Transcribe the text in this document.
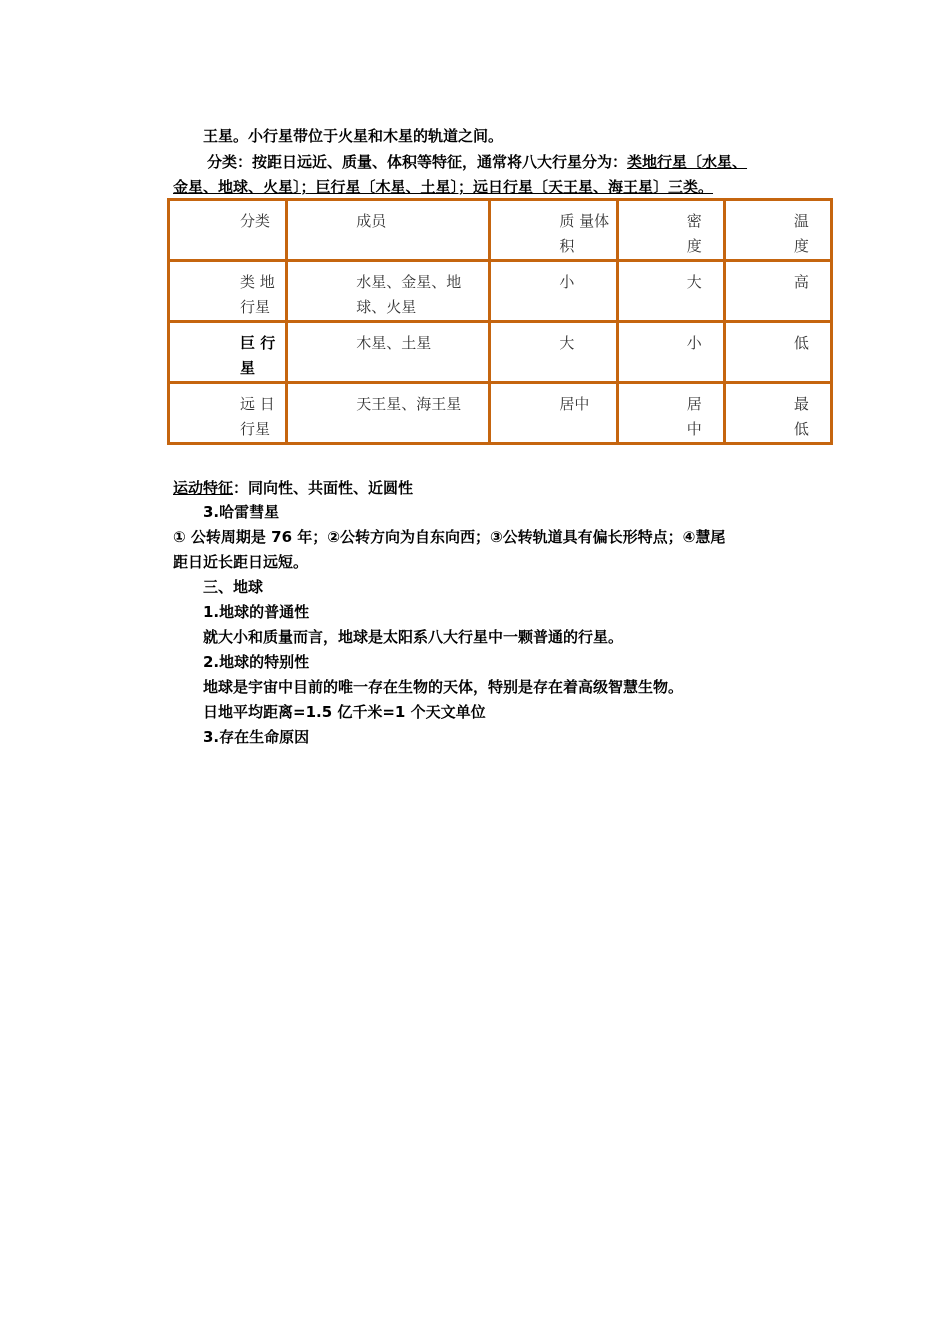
王星。小行星带位于火星和木星的轨道之间。
分类：按距日远近、质量、体积等特征，通常将八大行星分为：类地行星〔水星、
金星、地球、火星〕；巨行星〔木星、土星〕；远日行星〔天王星、海王星〕三类。
分类	成员	质 量体积	密度	温度

类 地行星	水星、金星、地球、火星	小	大	高

巨 行星	木星、土星	大	小	低

远 日行星	天王星、海王星	居中	居中	最低
运动特征：同向性、共面性、近圆性
3.哈雷彗星
① 公转周期是 76 年；②公转方向为自东向西；③公转轨道具有偏长形特点；④慧尾
距日近长距日远短。
三、地球
1.地球的普通性
就大小和质量而言，地球是太阳系八大行星中一颗普通的行星。
2.地球的特别性
地球是宇宙中目前的唯一存在生物的天体，特别是存在着高级智慧生物。
日地平均距离=1.5 亿千米=1 个天文单位
3.存在生命原因
